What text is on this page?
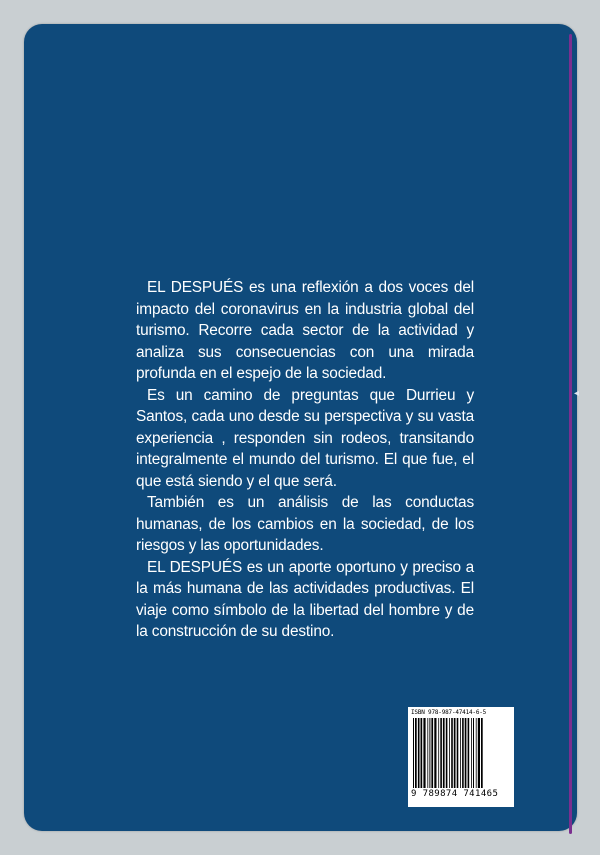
◂

EL DESPUÉS es una reflexión a dos voces del impacto del coronavirus en la industria global del turismo. Recorre cada sector de la actividad y analiza sus consecuencias con una mirada profunda en el espejo de la sociedad.

Es un camino de preguntas que Durrieu y Santos, cada uno desde su perspectiva y su vasta experiencia , responden sin rodeos, transitando integralmente el mundo del turismo. El que fue, el que está siendo y el que será.

También es un análisis de las conductas humanas, de los cambios en la sociedad, de los riesgos y las oportunidades.

EL DESPUÉS es un aporte oportuno y preciso a la más humana de las actividades productivas. El viaje como símbolo de la libertad del hombre y de la construcción de su destino.

ISBN 978-987-47414-6-5
9 789874 741465
